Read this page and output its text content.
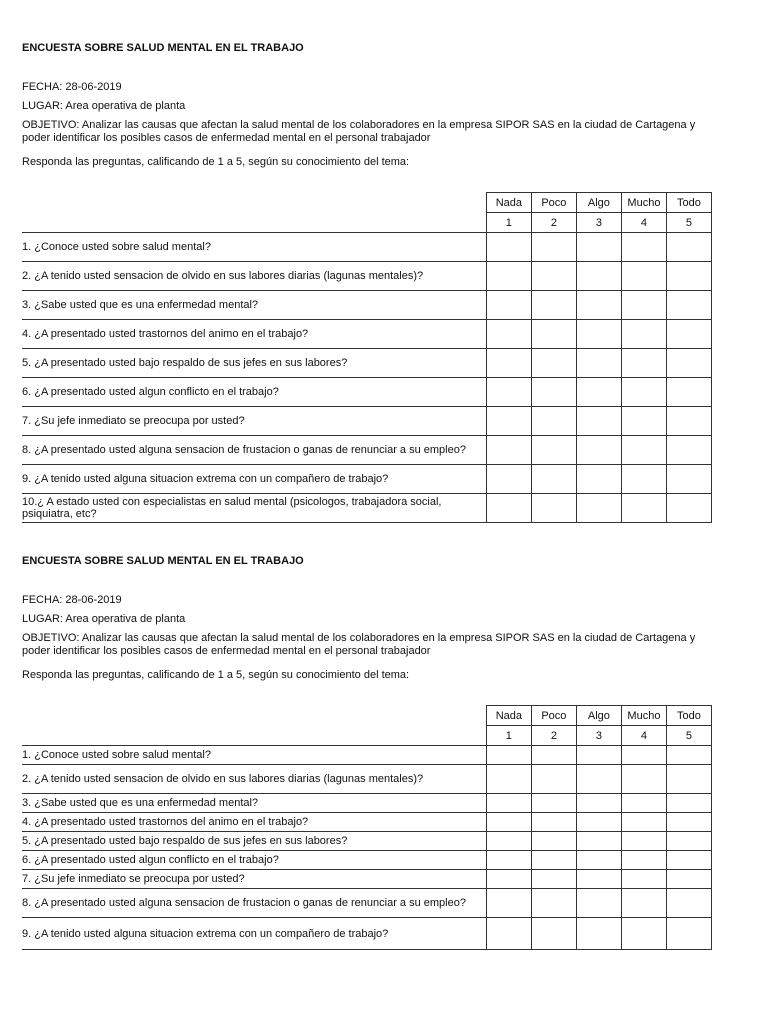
ENCUESTA SOBRE SALUD MENTAL EN EL TRABAJO

FECHA: 28-06-2019

LUGAR: Area operativa de planta

OBJETIVO: Analizar las causas que afectan la salud mental de los colaboradores en la empresa SIPOR SAS en la ciudad de Cartagena y poder identificar los posibles casos de enfermedad mental en el personal trabajador

Responda las preguntas, calificando de 1 a 5, según su conocimiento del tema:

	Nada	Poco	Algo	Mucho	Todo
	1	2	3	4	5
1. ¿Conoce usted sobre salud mental?					
2. ¿A tenido usted sensacion de olvido en sus labores diarias (lagunas mentales)?					
3. ¿Sabe usted que es una enfermedad mental?					
4. ¿A presentado usted trastornos del animo en el trabajo?					
5. ¿A presentado usted bajo respaldo de sus jefes en sus labores?					
6. ¿A presentado usted algun conflicto en el trabajo?					
7. ¿Su jefe inmediato se preocupa por usted?					
8. ¿A presentado usted alguna sensacion de frustacion o ganas de renunciar a su empleo?					
9. ¿A tenido usted alguna situacion extrema con un compañero de trabajo?					
10.¿ A estado usted con especialistas en salud mental (psicologos, trabajadora social, psiquiatra, etc?					

ENCUESTA SOBRE SALUD MENTAL EN EL TRABAJO

FECHA: 28-06-2019

LUGAR: Area operativa de planta

OBJETIVO: Analizar las causas que afectan la salud mental de los colaboradores en la empresa SIPOR SAS en la ciudad de Cartagena y poder identificar los posibles casos de enfermedad mental en el personal trabajador

Responda las preguntas, calificando de 1 a 5, según su conocimiento del tema:

	Nada	Poco	Algo	Mucho	Todo
	1	2	3	4	5
1. ¿Conoce usted sobre salud mental?					
2. ¿A tenido usted sensacion de olvido en sus labores diarias (lagunas mentales)?					
3. ¿Sabe usted que es una enfermedad mental?					
4. ¿A presentado usted trastornos del animo en el trabajo?					
5. ¿A presentado usted bajo respaldo de sus jefes en sus labores?					
6. ¿A presentado usted algun conflicto en el trabajo?					
7. ¿Su jefe inmediato se preocupa por usted?					
8. ¿A presentado usted alguna sensacion de frustacion o ganas de renunciar a su empleo?					
9. ¿A tenido usted alguna situacion extrema con un compañero de trabajo?					
